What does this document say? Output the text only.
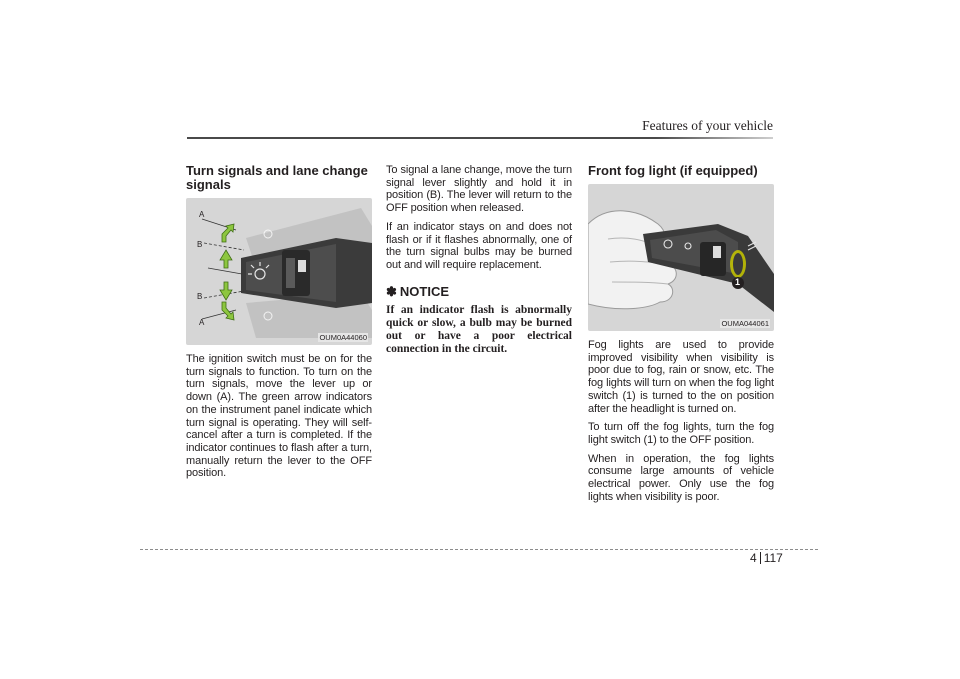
Features of your vehicle
Turn signals and lane change signals
A
B
B
A
OUM0A44060

The ignition switch must be on for the turn signals to function. To turn on the turn signals, move the lever up or down (A). The green arrow indicators on the instrument panel indicate which turn signal is operating. They will self-cancel after a turn is completed. If the indicator continues to flash after a turn, manually return the lever to the OFF position.

To signal a lane change, move the turn signal lever slightly and hold it in position (B). The lever will return to the OFF position when released.

If an indicator stays on and does not flash or if it flashes abnormally, one of the turn signal bulbs may be burned out and will require replacement.

✽ NOTICE

If an indicator flash is abnormally quick or slow, a bulb may be burned out or have a poor electrical connection in the circuit.

Front fog light (if equipped)
1
OUMA044061

Fog lights are used to provide improved visibility when visibility is poor due to fog, rain or snow, etc. The fog lights will turn on when the fog light switch (1) is turned to the on position after the headlight is turned on.

To turn off the fog lights, turn the fog light switch (1) to the OFF position.

When in operation, the fog lights consume large amounts of vehicle electrical power. Only use the fog lights when visibility is poor.

4 117
